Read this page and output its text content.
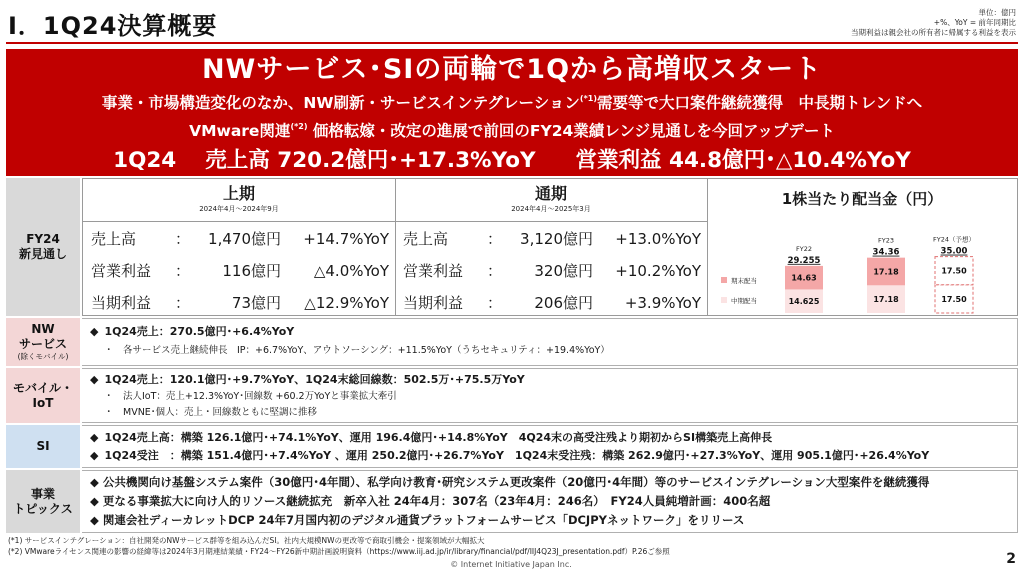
Ⅰ．1Q24決算概要	単位：億円
+%、YoY = 前年同期比
当期利益は親会社の所有者に帰属する利益を表示
NWサービス･SIの両輪で1Qから高増収スタート
事業・市場構造変化のなか、NW刷新・サービスインテグレーション$^{(*1)}$需要等で大口案件継続獲得　中長期トレンドへ
VMware関連$^{(*2)}$ 価格転嫁・改定の進展で前回のFY24業績レンジ見通しを今回アップデート
1Q24　 売上高 720.2億円･+17.3%YoY 営業利益 44.8億円･△10.4%YoY
FY24
新見通し
NW
サービス
(除くモバイル)
モバイル・
IoT
SI
事業
トピックス
上期
2024年4月～2024年9月
通期
2024年4月～2025年3月
売上高	：	1,470億円	+14.7%YoY
営業利益 ：	116億円	△4.0%YoY
当期利益 ：	73億円	△12.9%YoY
売上高	：	3,120億円	+13.0%YoY
営業利益 ：	320億円	+10.2%YoY
当期利益 ：	206億円	+3.9%YoY
1株当たり配当金（円）
14.625
14.63
29.255
FY22
17.18
17.18
34.36
FY23
17.50
17.50
35.00
FY24（予想）
期末配当
中期配当
◆ 1Q24売上：270.5億円･+6.4%YoY
・　各サービス売上継続伸長　IP：+6.7%YoY、アウトソーシング：+11.5%YoY（うちセキュリティ：+19.4%YoY）
◆ 1Q24売上：120.1億円･+9.7%YoY、1Q24末総回線数：502.5万･+75.5万YoY
・　法人IoT：売上+12.3%YoY･回線数 +60.2万YoYと事業拡大牽引
・　MVNE･個人：売上・回線数ともに堅調に推移
◆ 1Q24売上高：構築 126.1億円･+74.1%YoY、運用 196.4億円･+14.8%YoY　4Q24末の高受注残より期初からSI構築売上高伸長
◆ 1Q24受注　：構築 151.4億円･+7.4%YoY 、運用 250.2億円･+26.7%YoY　1Q24末受注残：構築 262.9億円･+27.3%YoY、運用 905.1億円･+26.4%YoY
◆ 公共機関向け基盤システム案件（30億円･4年間）、私学向け教育･研究システム更改案件（20億円･4年間）等のサービスインテグレーション大型案件を継続獲得
◆ 更なる事業拡大に向け人的リソース継続拡充　新卒入社 24年4月：307名（23年4月：246名）　FY24人員純増計画：400名超
◆ 関連会社ディーカレットDCP 24年7月国内初のデジタル通貨プラットフォームサービス「DCJPYネットワーク」をリリース
(*1) サービスインテグレーション：自社開発のNWサービス群等を組み込んだSI。社内大規模NWの更改等で商取引機会・提案領域が大幅拡大
(*2) VMwareライセンス関連の影響の経緯等は2024年3月期連結業績・FY24～FY26新中期計画説明資料（https://www.iij.ad.jp/ir/library/financial/pdf/IIJ4Q23J_presentation.pdf）P.26ご参照
© Internet Initiative Japan Inc.	2
